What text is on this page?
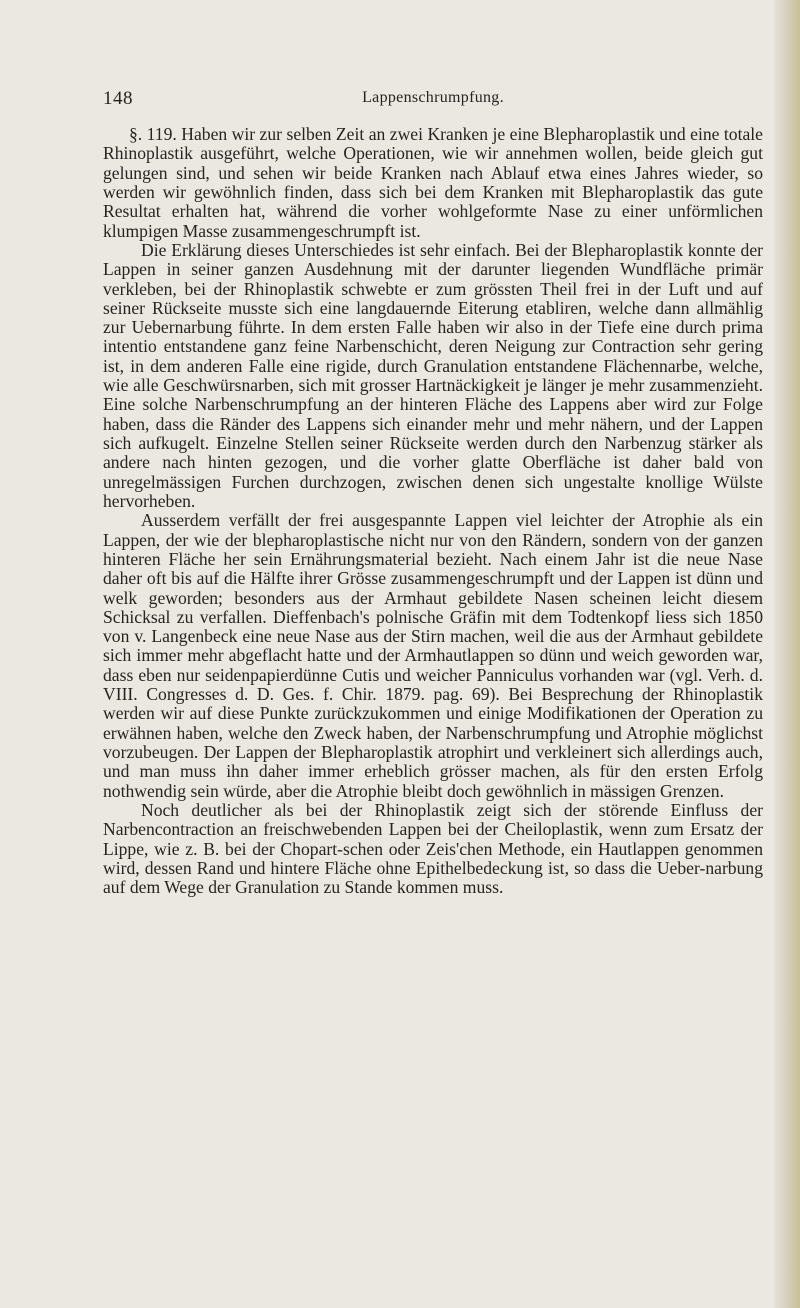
148	Lappenschrumpfung.

§. 119. Haben wir zur selben Zeit an zwei Kranken je eine Blepharoplastik und eine totale Rhinoplastik ausgeführt, welche Operationen, wie wir annehmen wollen, beide gleich gut gelungen sind, und sehen wir beide Kranken nach Ablauf etwa eines Jahres wieder, so werden wir gewöhnlich finden, dass sich bei dem Kranken mit Blepharoplastik das gute Resultat erhalten hat, während die vorher wohlgeformte Nase zu einer unförmlichen klumpigen Masse zusammengeschrumpft ist.

Die Erklärung dieses Unterschiedes ist sehr einfach. Bei der Blepharoplastik konnte der Lappen in seiner ganzen Ausdehnung mit der darunter liegenden Wundfläche primär verkleben, bei der Rhinoplastik schwebte er zum grössten Theil frei in der Luft und auf seiner Rückseite musste sich eine langdauernde Eiterung etabliren, welche dann allmählig zur Uebernarbung führte. In dem ersten Falle haben wir also in der Tiefe eine durch prima intentio entstandene ganz feine Narbenschicht, deren Neigung zur Contraction sehr gering ist, in dem anderen Falle eine rigide, durch Granulation entstandene Flächennarbe, welche, wie alle Geschwürsnarben, sich mit grosser Hartnäckigkeit je länger je mehr zusammenzieht. Eine solche Narbenschrumpfung an der hinteren Fläche des Lappens aber wird zur Folge haben, dass die Ränder des Lappens sich einander mehr und mehr nähern, und der Lappen sich aufkugelt. Einzelne Stellen seiner Rückseite werden durch den Narbenzug stärker als andere nach hinten gezogen, und die vorher glatte Oberfläche ist daher bald von unregelmässigen Furchen durchzogen, zwischen denen sich ungestalte knollige Wülste hervorheben.

Ausserdem verfällt der frei ausgespannte Lappen viel leichter der Atrophie als ein Lappen, der wie der blepharoplastische nicht nur von den Rändern, sondern von der ganzen hinteren Fläche her sein Ernährungsmaterial bezieht. Nach einem Jahr ist die neue Nase daher oft bis auf die Hälfte ihrer Grösse zusammengeschrumpft und der Lappen ist dünn und welk geworden; besonders aus der Armhaut gebildete Nasen scheinen leicht diesem Schicksal zu verfallen. Dieffenbach's polnische Gräfin mit dem Todtenkopf liess sich 1850 von v. Langenbeck eine neue Nase aus der Stirn machen, weil die aus der Armhaut gebildete sich immer mehr abgeflacht hatte und der Armhautlappen so dünn und weich geworden war, dass eben nur seidenpapierdünne Cutis und weicher Panniculus vorhanden war (vgl. Verh. d. VIII. Congresses d. D. Ges. f. Chir. 1879. pag. 69). Bei Besprechung der Rhinoplastik werden wir auf diese Punkte zurückzukommen und einige Modifikationen der Operation zu erwähnen haben, welche den Zweck haben, der Narbenschrumpfung und Atrophie möglichst vorzubeugen. Der Lappen der Blepharoplastik atrophirt und verkleinert sich allerdings auch, und man muss ihn daher immer erheblich grösser machen, als für den ersten Erfolg nothwendig sein würde, aber die Atrophie bleibt doch gewöhnlich in mässigen Grenzen.

Noch deutlicher als bei der Rhinoplastik zeigt sich der störende Einfluss der Narbencontraction an freischwebenden Lappen bei der Cheiloplastik, wenn zum Ersatz der Lippe, wie z. B. bei der Chopart-schen oder Zeis'chen Methode, ein Hautlappen genommen wird, dessen Rand und hintere Fläche ohne Epithelbedeckung ist, so dass die Ueber-narbung auf dem Wege der Granulation zu Stande kommen muss.
